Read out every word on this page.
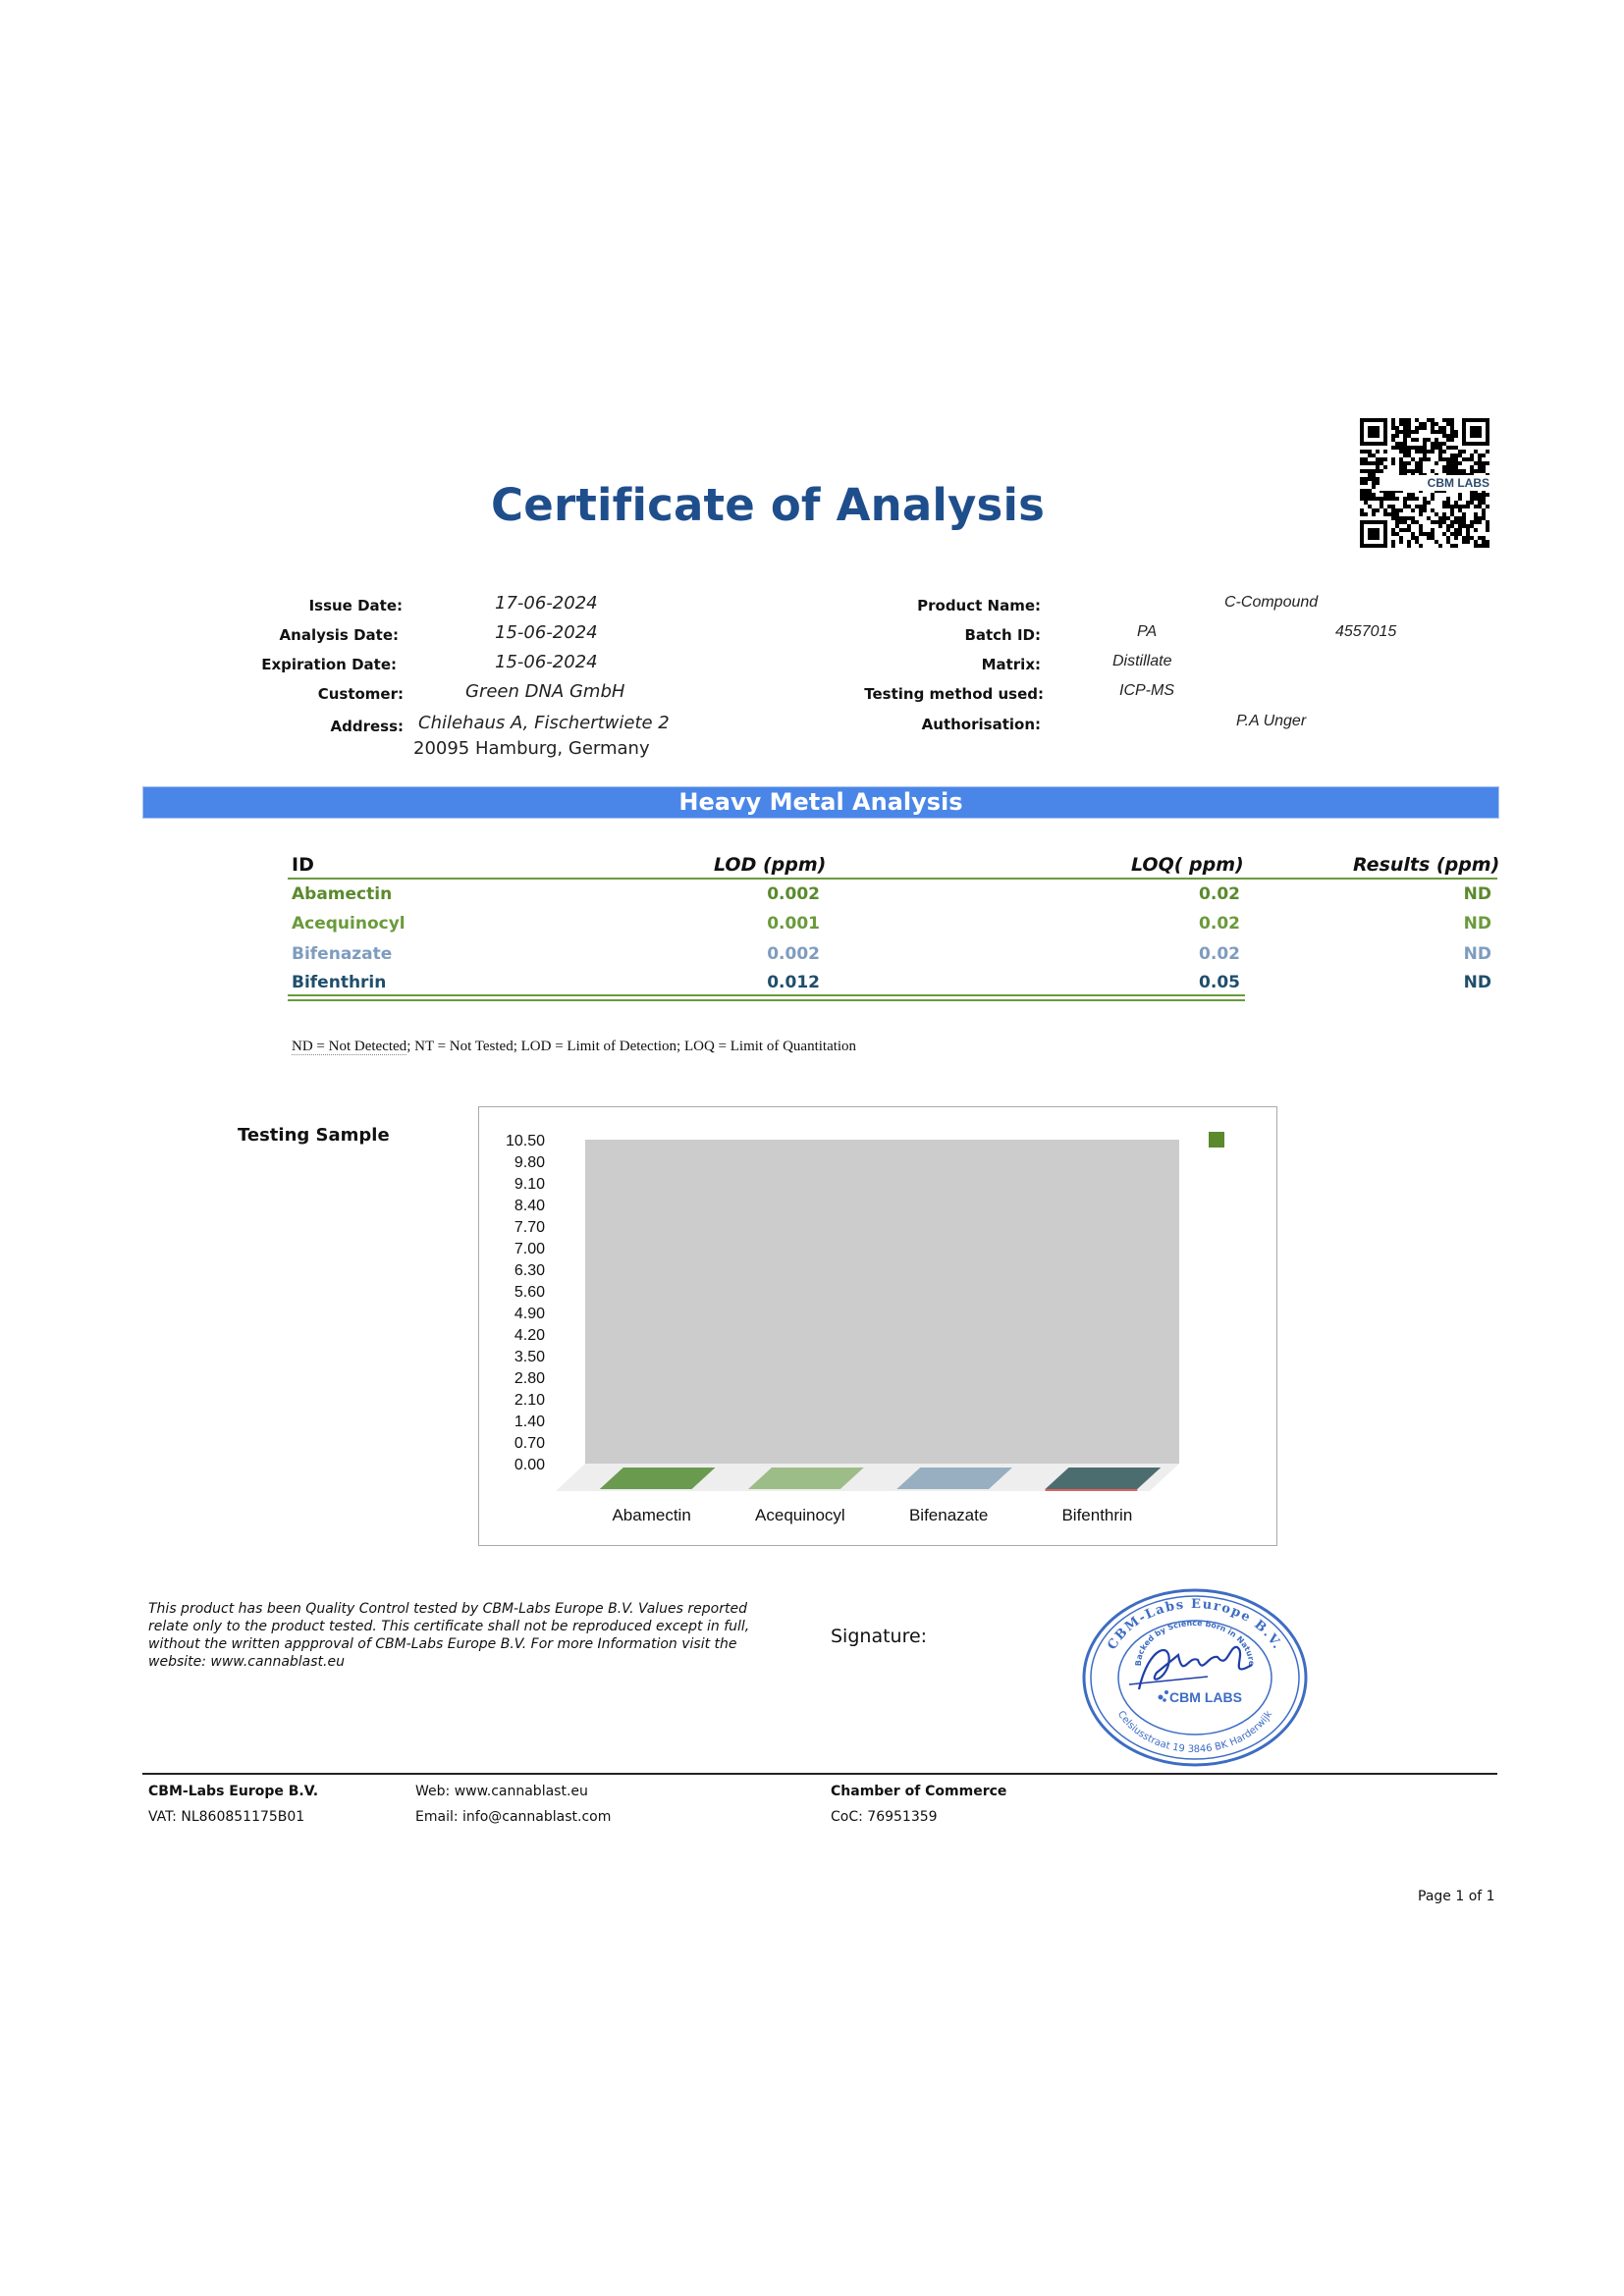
Certificate of Analysis	CBM LABS
Issue Date:	17-06-2024
Analysis Date:	15-06-2024
Expiration Date:	15-06-2024
Customer:	Green DNA GmbH
Address: Chilehaus A, Fischertwiete 2
20095 Hamburg, Germany
Product Name:	C-Compound
Batch ID:	PA	4557015
Matrix:	Distillate
Testing method used:	ICP-MS
Authorisation:	P.A Unger
Heavy Metal Analysis
ID	LOD (ppm)	LOQ( ppm)	Results (ppm)
Abamectin	0.002	0.02	ND
Acequinocyl	0.001	0.02	ND
Bifenazate	0.002	0.02	ND
Bifenthrin	0.012	0.05	ND
ND = Not Detected; NT = Not Tested; LOD = Limit of Detection; LOQ = Limit of Quantitation
Testing Sample	10.50
9.80
9.10
8.40
7.70
7.00
6.30
5.60
4.90
4.20
3.50
2.80
2.10
1.40
0.70
0.00
Abamectin	Acequinocyl	Bifenazate	Bifenthrin
This product has been Quality Control tested by CBM-Labs Europe B.V. Values reported relate only to the product tested. This certificate shall not be reproduced except in full, without the written appproval of CBM-Labs Europe B.V. For more Information visit the website: www.cannablast.eu
Signature:	CBM-Labs Europe B.V.
Celsiusstraat 19 3846 BK Harderwijk
Backed by Science born in Nature
CBM LABS
CBM-Labs Europe B.V.
VAT: NL860851175B01
Web: www.cannablast.eu
Email: info@cannablast.com
Chamber of Commerce
CoC: 76951359
Page 1 of 1
